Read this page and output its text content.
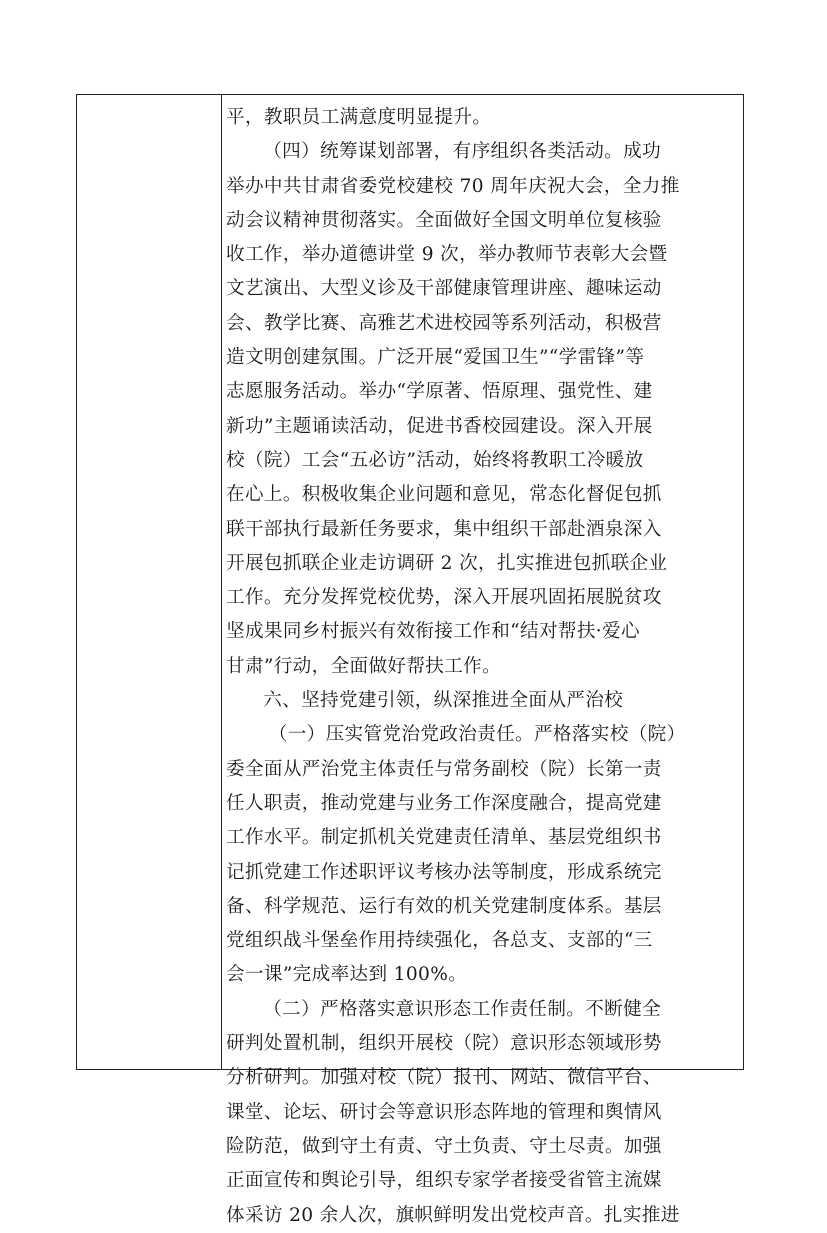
平，教职员工满意度明显提升。
（四）统筹谋划部署，有序组织各类活动。成功
举办中共甘肃省委党校建校 70 周年庆祝大会，全力推
动会议精神贯彻落实。全面做好全国文明单位复核验
收工作，举办道德讲堂 9 次，举办教师节表彰大会暨
文艺演出、大型义诊及干部健康管理讲座、趣味运动
会、教学比赛、高雅艺术进校园等系列活动，积极营
造文明创建氛围。广泛开展“爱国卫生”“学雷锋”等
志愿服务活动。举办“学原著、悟原理、强党性、建
新功”主题诵读活动，促进书香校园建设。深入开展
校（院）工会“五必访”活动，始终将教职工冷暖放
在心上。积极收集企业问题和意见，常态化督促包抓
联干部执行最新任务要求，集中组织干部赴酒泉深入
开展包抓联企业走访调研 2 次，扎实推进包抓联企业
工作。充分发挥党校优势，深入开展巩固拓展脱贫攻
坚成果同乡村振兴有效衔接工作和“结对帮扶·爱心
甘肃”行动，全面做好帮扶工作。
六、坚持党建引领，纵深推进全面从严治校
（一）压实管党治党政治责任。严格落实校（院）
委全面从严治党主体责任与常务副校（院）长第一责
任人职责，推动党建与业务工作深度融合，提高党建
工作水平。制定抓机关党建责任清单、基层党组织书
记抓党建工作述职评议考核办法等制度，形成系统完
备、科学规范、运行有效的机关党建制度体系。基层
党组织战斗堡垒作用持续强化，各总支、支部的“三
会一课”完成率达到 100%。
（二）严格落实意识形态工作责任制。不断健全
研判处置机制，组织开展校（院）意识形态领域形势
分析研判。加强对校（院）报刊、网站、微信平台、
课堂、论坛、研讨会等意识形态阵地的管理和舆情风
险防范，做到守土有责、守土负责、守土尽责。加强
正面宣传和舆论引导，组织专家学者接受省管主流媒
体采访 20 余人次，旗帜鲜明发出党校声音。扎实推进
